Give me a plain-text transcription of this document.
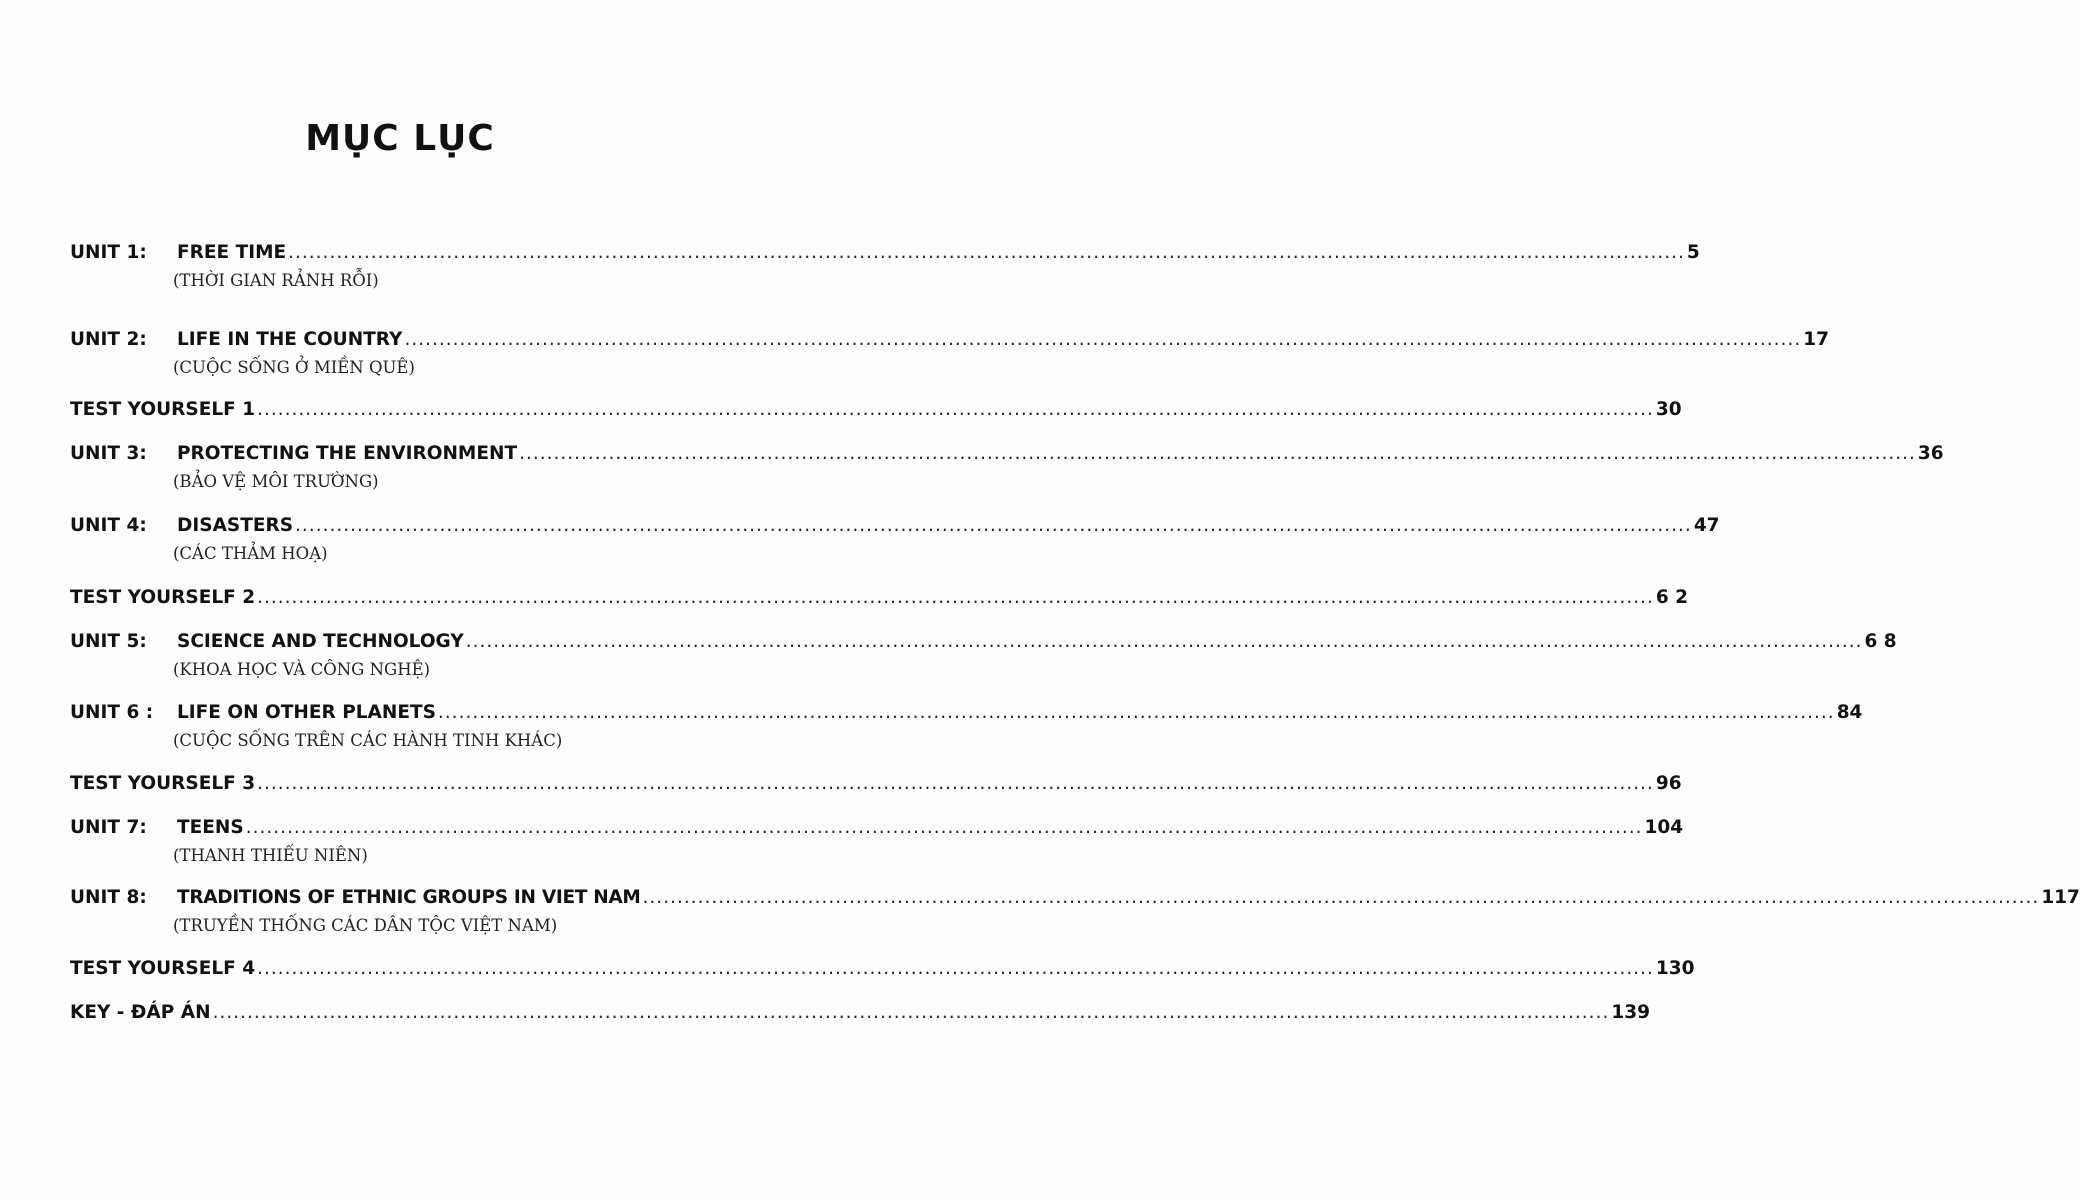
MỤC LỤC
UNIT 1:	FREE TIME ........................................................................................................................................................................................................... 5
(THỜI GIAN RẢNH RỖI)
UNIT 2:	LIFE IN THE COUNTRY ........................................................................................................................................................................................................... 17
(CUỘC SỐNG Ở MIỀN QUÊ)
TEST YOURSELF 1 ........................................................................................................................................................................................................... 30
UNIT 3:	PROTECTING THE ENVIRONMENT ........................................................................................................................................................................................................... 36
(BẢO VỆ MÔI TRƯỜNG)
UNIT 4:	DISASTERS ........................................................................................................................................................................................................... 47
(CÁC THẢM HOẠ)
TEST YOURSELF 2 ........................................................................................................................................................................................................... 6 2
UNIT 5:	SCIENCE AND TECHNOLOGY ........................................................................................................................................................................................................... 6 8
(KHOA HỌC VÀ CÔNG NGHỆ)
UNIT 6 :	LIFE ON OTHER PLANETS ........................................................................................................................................................................................................... 84
(CUỘC SỐNG TRÊN CÁC HÀNH TINH KHÁC)
TEST YOURSELF 3 ........................................................................................................................................................................................................... 96
UNIT 7:	TEENS ........................................................................................................................................................................................................... 104
(THANH THIẾU NIÊN)
UNIT 8:	TRADITIONS OF ETHNIC GROUPS IN VIET NAM ........................................................................................................................................................................................................... 117
(TRUYỀN THỐNG CÁC DÂN TỘC VIỆT NAM)
TEST YOURSELF 4 ........................................................................................................................................................................................................... 130
KEY - ĐÁP ÁN ........................................................................................................................................................................................................... 139
